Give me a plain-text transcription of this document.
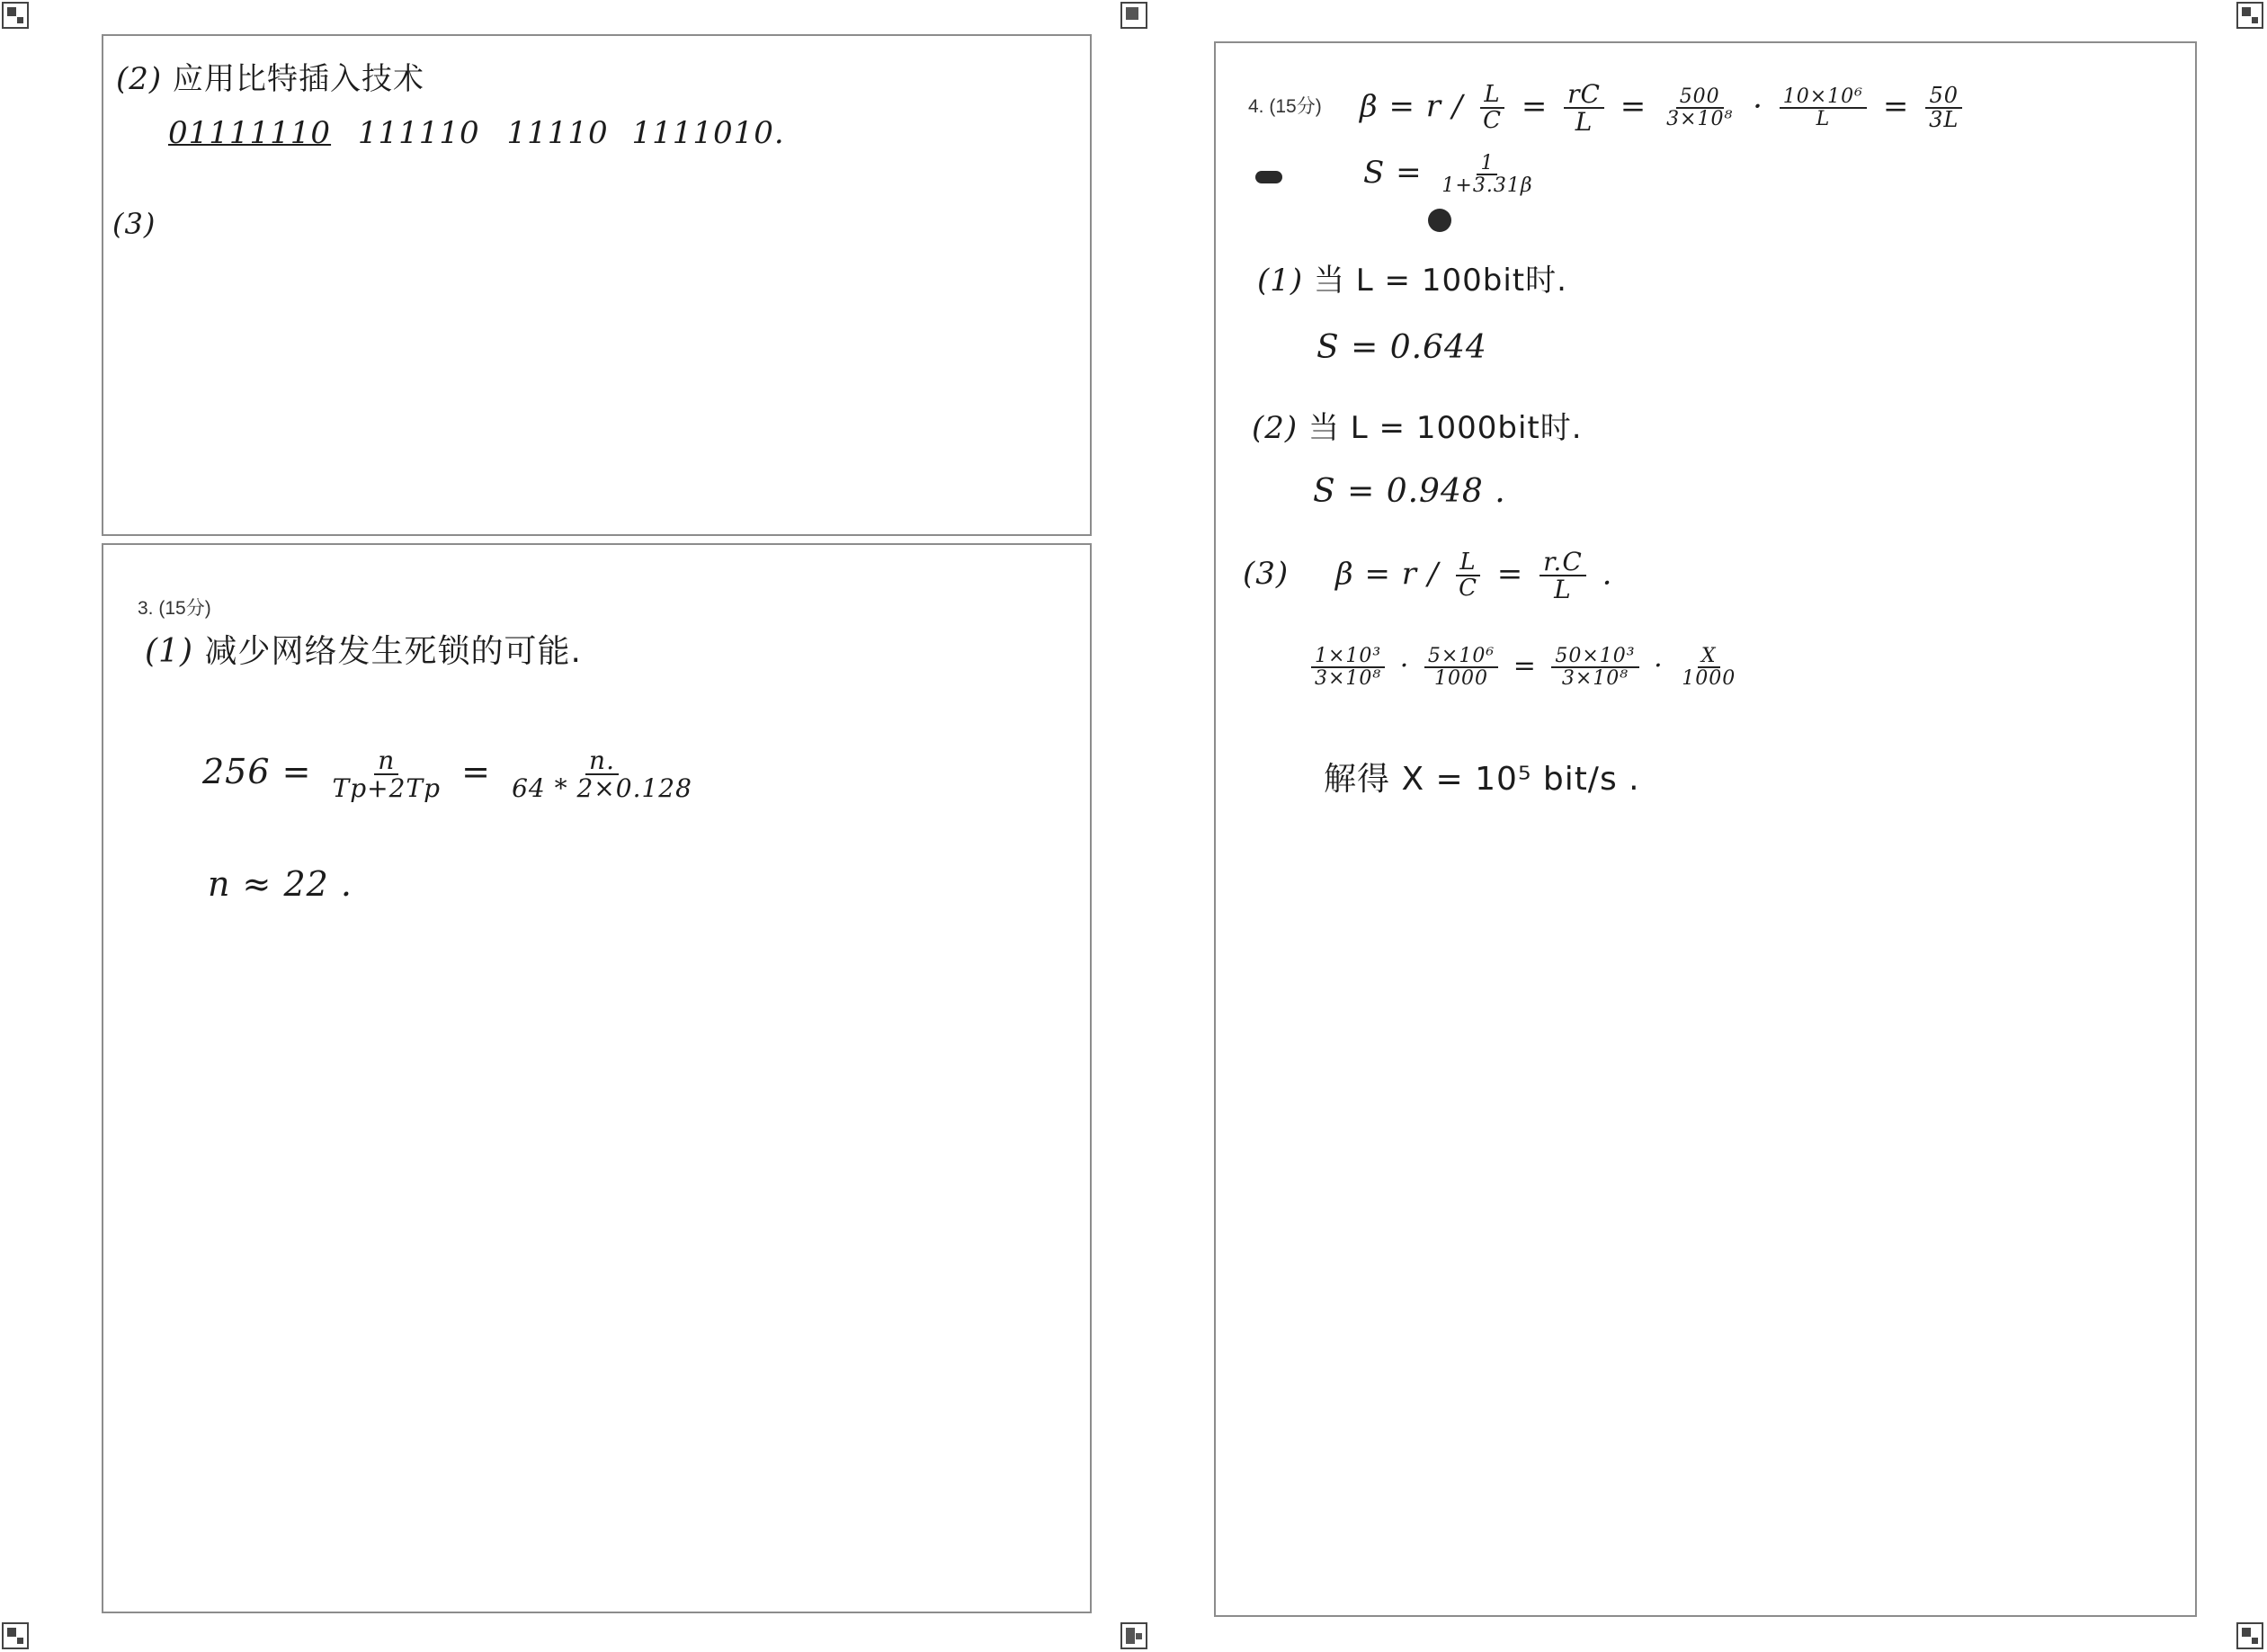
(2) 应用比特插入技术
01111110 111110 11110 1111010.
(3)
3. (15分)
(1) 减少网络发生死锁的可能.
$256 = \frac{n}{Tp+2Tp} = \frac{n.}{64 * 2\times 0.128}$
n ≈ 22 .
4. (15分) $\beta = r / \frac{L}{C} = \frac{rC}{L} = \frac{500}{\text{3×10⁸}} \cdot \frac{\text{10×10⁶}}{L} = \frac{50}{3L}$
$S = \frac{1}{1+3.31\beta}$
(1) 当 L = 100bit时.
S = 0.644
(2) 当 L = 1000bit时.
S = 0.948 .
(3) $\beta = r / \frac{L}{C} = \frac{r.C}{L}$ .
$\frac{\text{1×10³}}{\text{3×10⁸}} \cdot \frac{\text{5×10⁶}}{1000} = \frac{\text{50×10³}}{\text{3×10⁸}} \cdot \frac{X}{1000}$
解得 X = 10⁵ bit/s .
